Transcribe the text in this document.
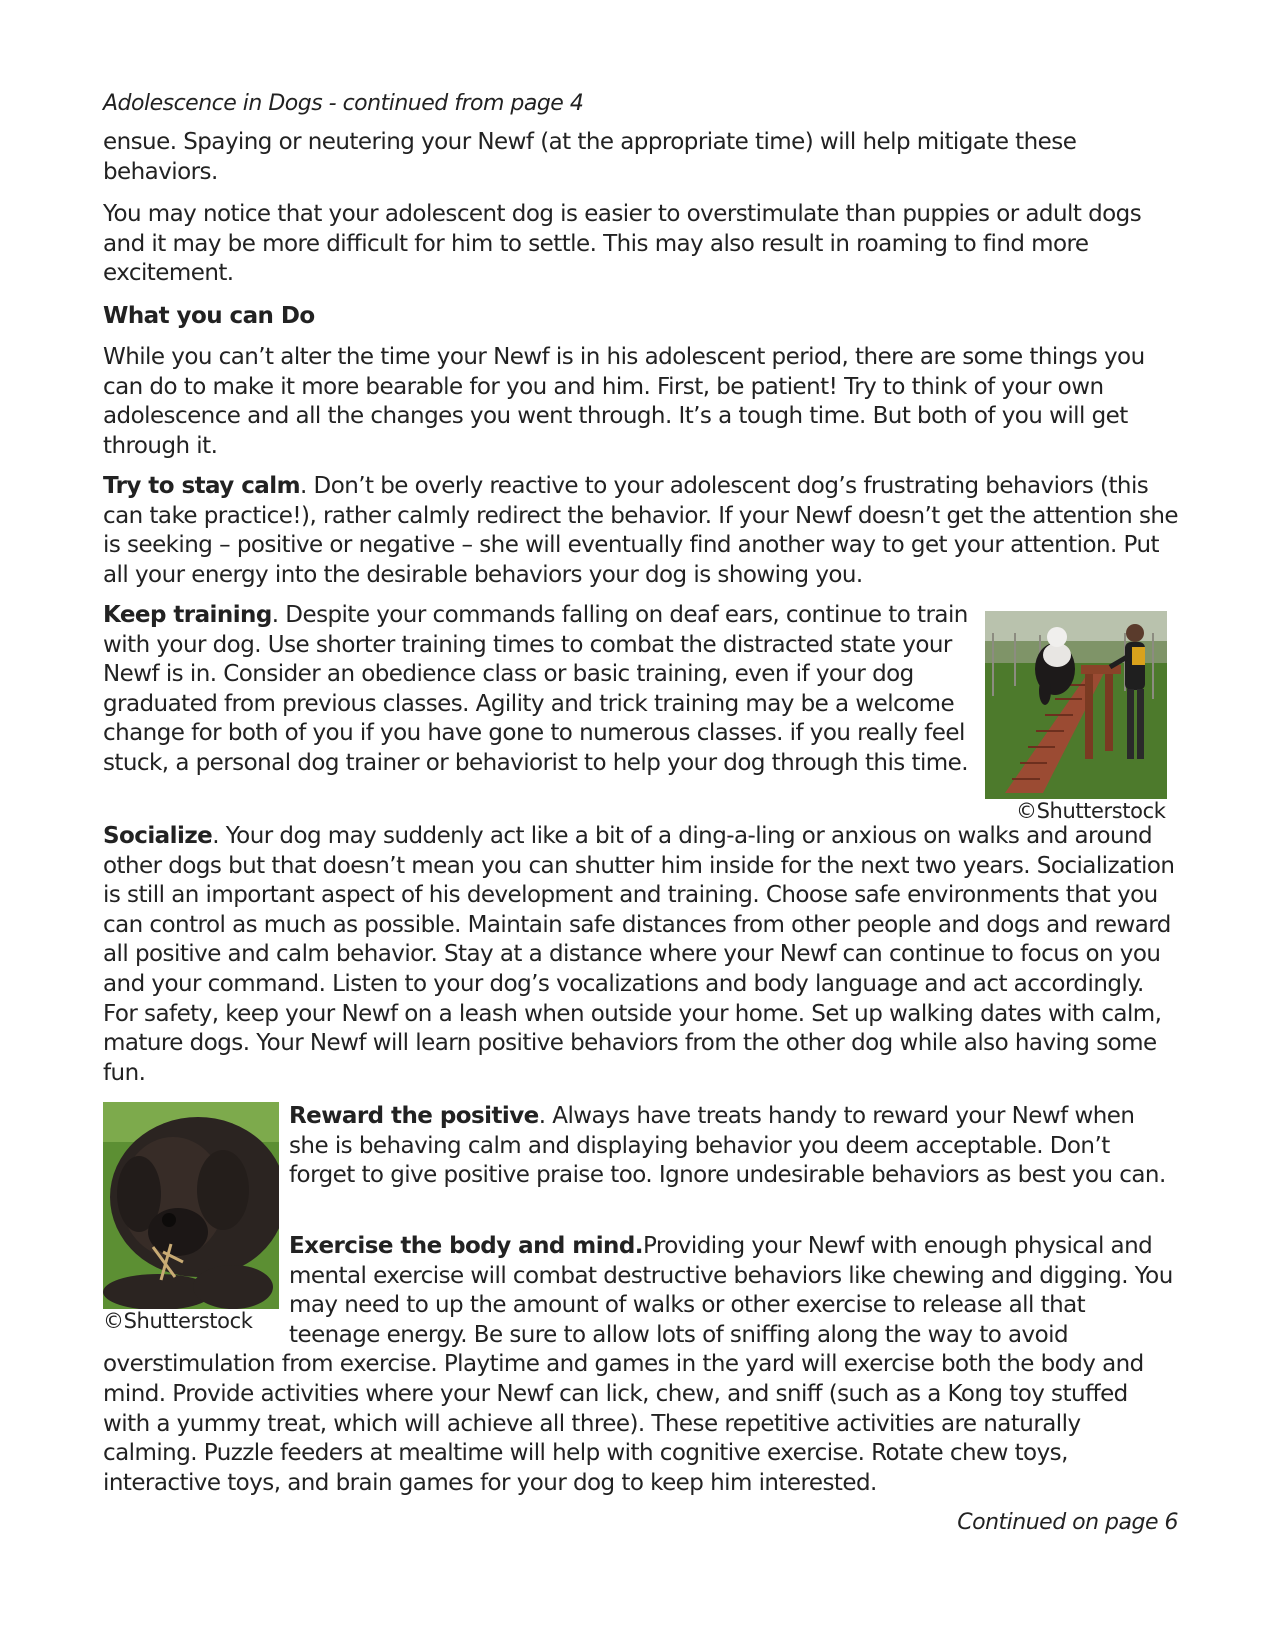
Adolescence in Dogs - continued from page 4

ensue. Spaying or neutering your Newf (at the appropriate time) will help mitigate these behaviors.

You may notice that your adolescent dog is easier to overstimulate than puppies or adult dogs and it may be more difficult for him to settle. This may also result in roaming to find more excitement.

What you can Do

While you can’t alter the time your Newf is in his adolescent period, there are some things you can do to make it more bearable for you and him. First, be patient! Try to think of your own adolescence and all the changes you went through. It’s a tough time. But both of you will get through it.

Try to stay calm. Don’t be overly reactive to your adolescent dog’s frustrating behaviors (this can take practice!), rather calmly redirect the behavior. If your Newf doesn’t get the attention she is seeking – positive or negative – she will eventually find another way to get your attention. Put all your energy into the desirable behaviors your dog is showing you.

Keep training. Despite your commands falling on deaf ears, continue to train with your dog. Use shorter training times to combat the distracted state your Newf is in. Consider an obedience class or basic training, even if your dog graduated from previous classes. Agility and trick training may be a welcome change for both of you if you have gone to numerous classes. if you really feel stuck, a personal dog trainer or behaviorist to help your dog through this time.

©Shutterstock

Socialize. Your dog may suddenly act like a bit of a ding-a-ling or anxious on walks and around other dogs but that doesn’t mean you can shutter him inside for the next two years. Socialization is still an important aspect of his development and training. Choose safe environments that you can control as much as possible. Maintain safe distances from other people and dogs and reward all positive and calm behavior. Stay at a distance where your Newf can continue to focus on you and your command. Listen to your dog’s vocalizations and body language and act accordingly. For safety, keep your Newf on a leash when outside your home. Set up walking dates with calm, mature dogs. Your Newf will learn positive behaviors from the other dog while also having some fun.

©Shutterstock

Reward the positive. Always have treats handy to reward your Newf when she is behaving calm and displaying behavior you deem acceptable. Don’t forget to give positive praise too. Ignore undesirable behaviors as best you can.

Exercise the body and mind.Providing your Newf with enough physical and mental exercise will combat destructive behaviors like chewing and digging. You may need to up the amount of walks or other exercise to release all that teenage energy. Be sure to allow lots of sniffing along the way to avoid overstimulation from exercise. Playtime and games in the yard will exercise both the body and mind. Provide activities where your Newf can lick, chew, and sniff (such as a Kong toy stuffed with a yummy treat, which will achieve all three). These repetitive activities are naturally calming. Puzzle feeders at mealtime will help with cognitive exercise. Rotate chew toys, interactive toys, and brain games for your dog to keep him interested.

Continued on page 6
